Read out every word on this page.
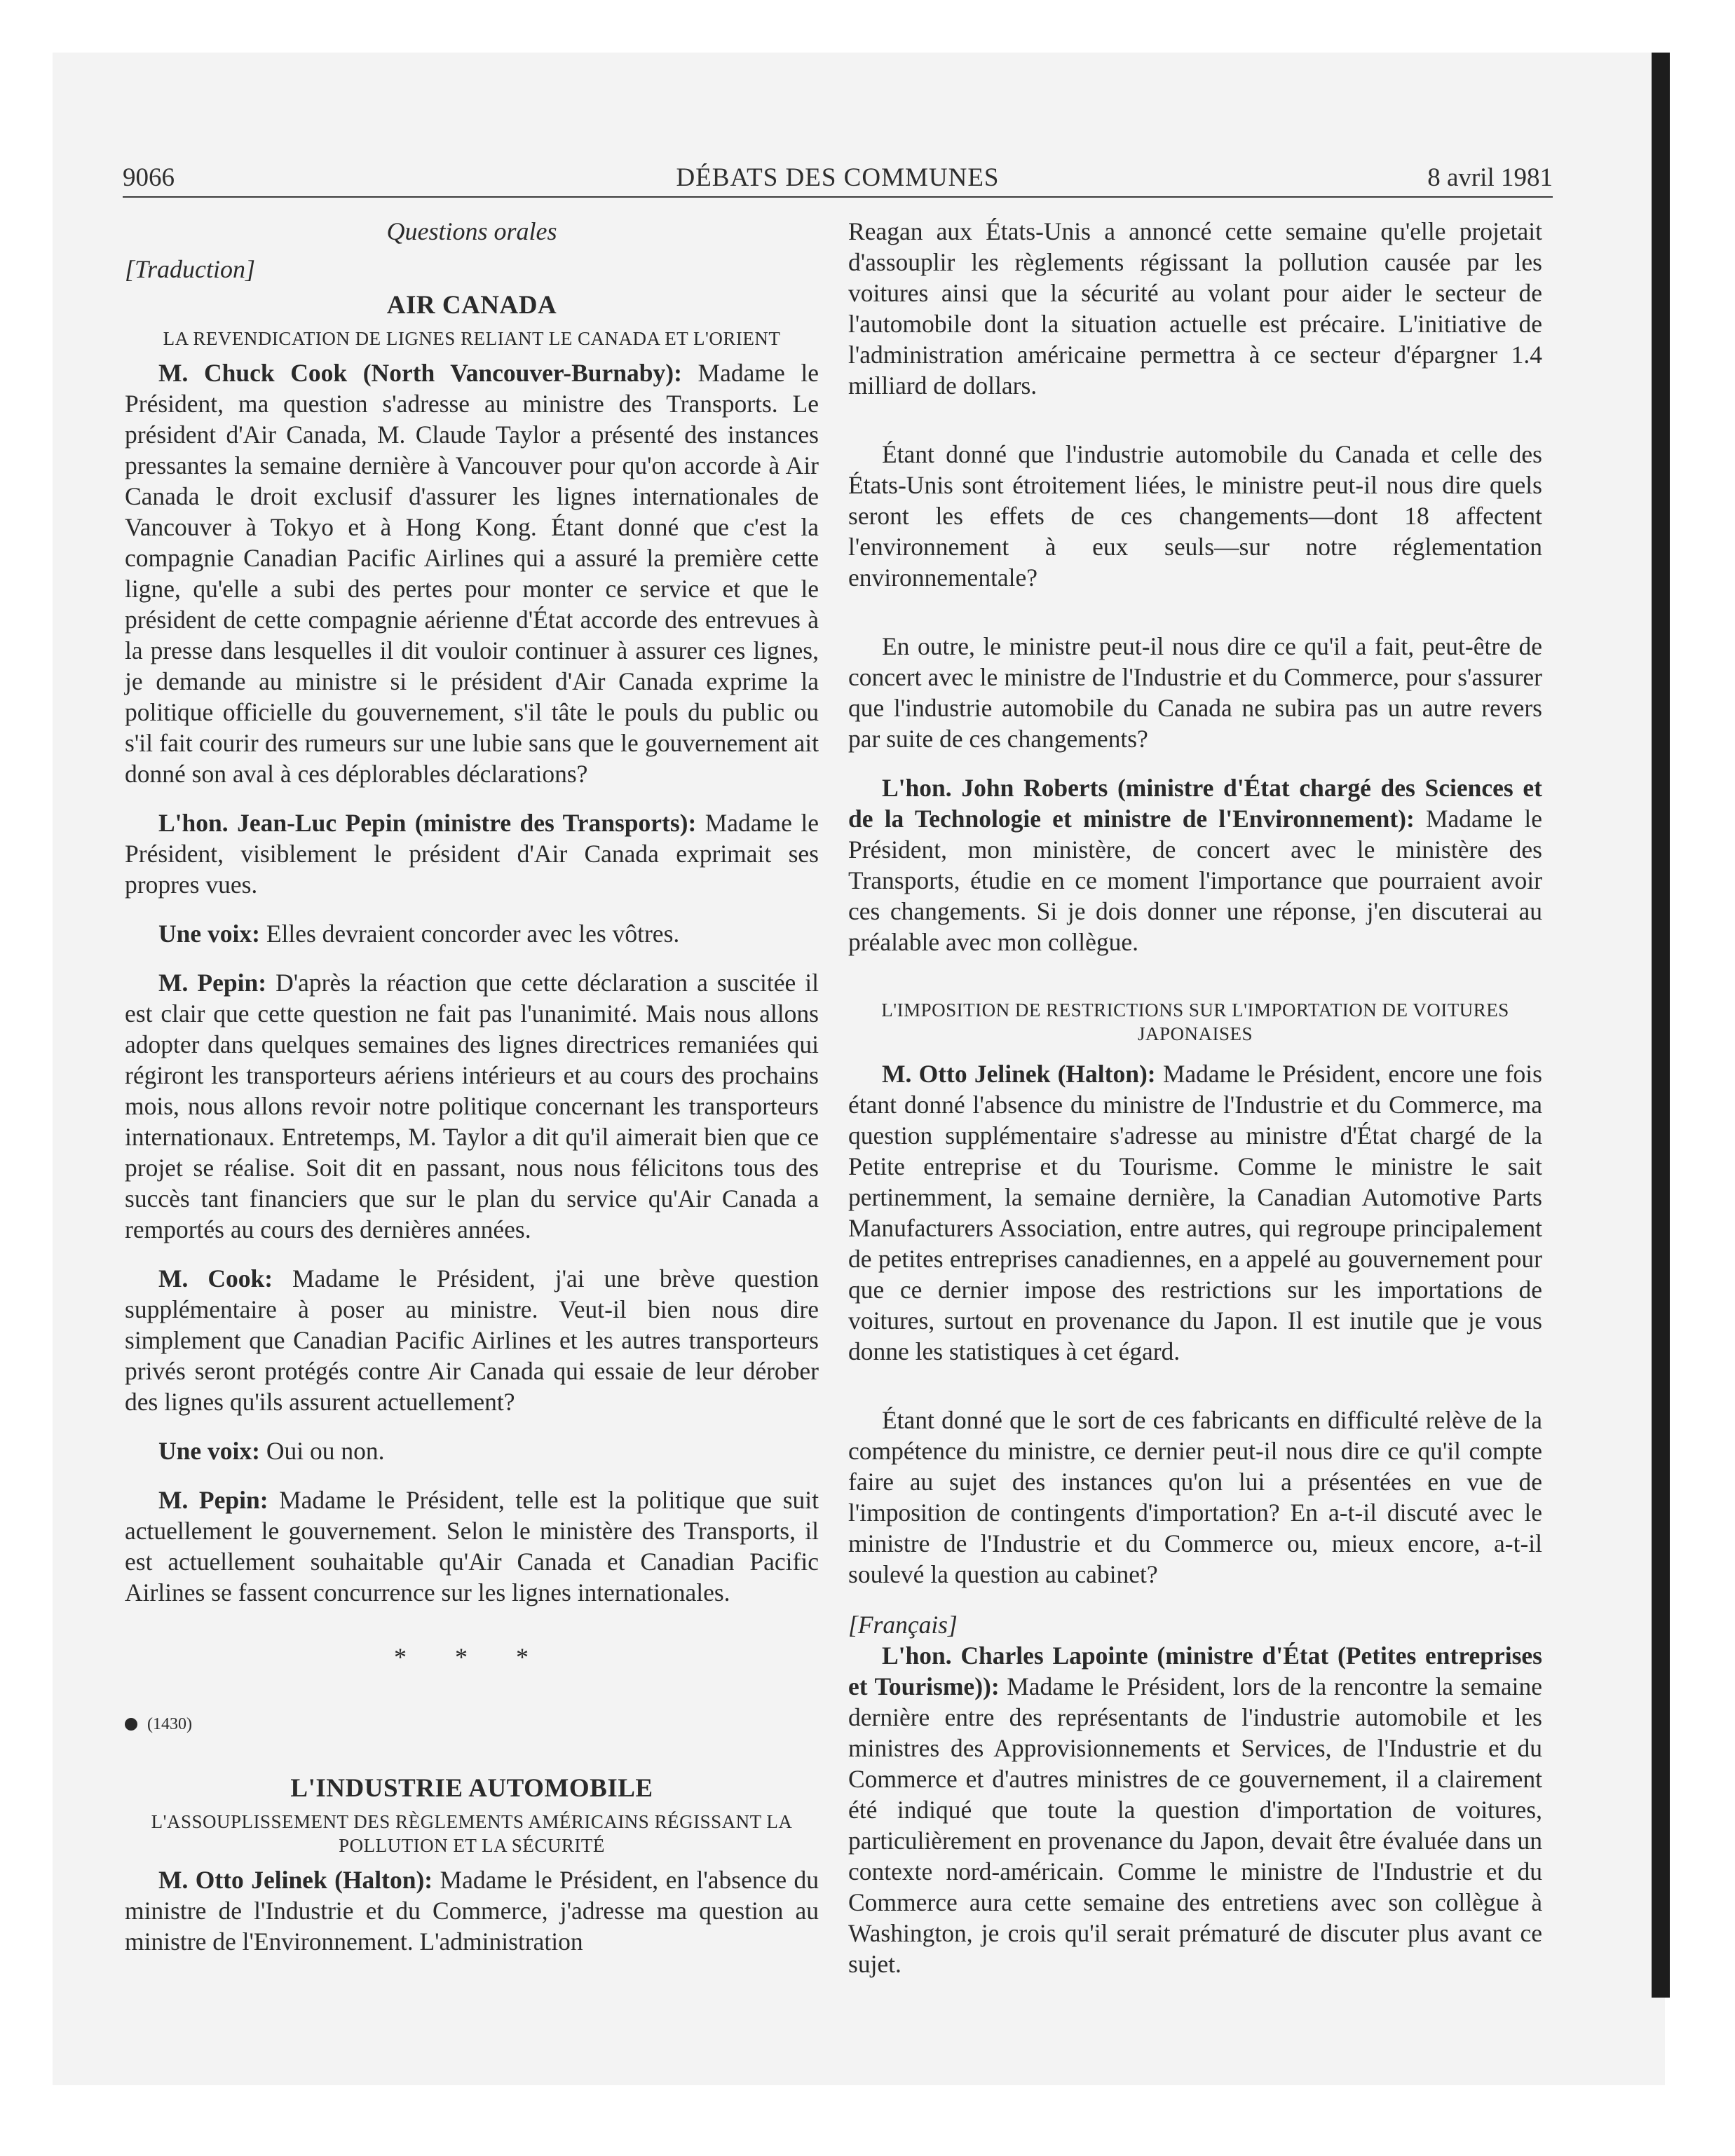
9066	DÉBATS DES COMMUNES	8 avril 1981

Questions orales

[Traduction]

AIR CANADA

LA REVENDICATION DE LIGNES RELIANT LE CANADA ET L'ORIENT

M. Chuck Cook (North Vancouver-Burnaby): Madame le Président, ma question s'adresse au ministre des Transports. Le président d'Air Canada, M. Claude Taylor a présenté des instances pressantes la semaine dernière à Vancouver pour qu'on accorde à Air Canada le droit exclusif d'assurer les lignes internationales de Vancouver à Tokyo et à Hong Kong. Étant donné que c'est la compagnie Canadian Pacific Airlines qui a assuré la première cette ligne, qu'elle a subi des pertes pour monter ce service et que le président de cette compagnie aérienne d'État accorde des entrevues à la presse dans lesquelles il dit vouloir continuer à assurer ces lignes, je demande au ministre si le président d'Air Canada exprime la politique officielle du gouvernement, s'il tâte le pouls du public ou s'il fait courir des rumeurs sur une lubie sans que le gouvernement ait donné son aval à ces déplorables déclarations?

L'hon. Jean-Luc Pepin (ministre des Transports): Madame le Président, visiblement le président d'Air Canada exprimait ses propres vues.

Une voix: Elles devraient concorder avec les vôtres.

M. Pepin: D'après la réaction que cette déclaration a suscitée il est clair que cette question ne fait pas l'unanimité. Mais nous allons adopter dans quelques semaines des lignes directrices remaniées qui régiront les transporteurs aériens intérieurs et au cours des prochains mois, nous allons revoir notre politique concernant les transporteurs internationaux. Entretemps, M. Taylor a dit qu'il aimerait bien que ce projet se réalise. Soit dit en passant, nous nous félicitons tous des succès tant financiers que sur le plan du service qu'Air Canada a remportés au cours des dernières années.

M. Cook: Madame le Président, j'ai une brève question supplémentaire à poser au ministre. Veut-il bien nous dire simplement que Canadian Pacific Airlines et les autres transporteurs privés seront protégés contre Air Canada qui essaie de leur dérober des lignes qu'ils assurent actuellement?

Une voix: Oui ou non.

M. Pepin: Madame le Président, telle est la politique que suit actuellement le gouvernement. Selon le ministère des Transports, il est actuellement souhaitable qu'Air Canada et Canadian Pacific Airlines se fassent concurrence sur les lignes internationales.

* * *

(1430)

L'INDUSTRIE AUTOMOBILE

L'ASSOUPLISSEMENT DES RÈGLEMENTS AMÉRICAINS RÉGISSANT LA POLLUTION ET LA SÉCURITÉ

M. Otto Jelinek (Halton): Madame le Président, en l'absence du ministre de l'Industrie et du Commerce, j'adresse ma question au ministre de l'Environnement. L'administration

Reagan aux États-Unis a annoncé cette semaine qu'elle projetait d'assouplir les règlements régissant la pollution causée par les voitures ainsi que la sécurité au volant pour aider le secteur de l'automobile dont la situation actuelle est précaire. L'initiative de l'administration américaine permettra à ce secteur d'épargner 1.4 milliard de dollars.

Étant donné que l'industrie automobile du Canada et celle des États-Unis sont étroitement liées, le ministre peut-il nous dire quels seront les effets de ces changements—dont 18 affectent l'environnement à eux seuls—sur notre réglementation environnementale?

En outre, le ministre peut-il nous dire ce qu'il a fait, peut-être de concert avec le ministre de l'Industrie et du Commerce, pour s'assurer que l'industrie automobile du Canada ne subira pas un autre revers par suite de ces changements?

L'hon. John Roberts (ministre d'État chargé des Sciences et de la Technologie et ministre de l'Environnement): Madame le Président, mon ministère, de concert avec le ministère des Transports, étudie en ce moment l'importance que pourraient avoir ces changements. Si je dois donner une réponse, j'en discuterai au préalable avec mon collègue.

L'IMPOSITION DE RESTRICTIONS SUR L'IMPORTATION DE VOITURES JAPONAISES

M. Otto Jelinek (Halton): Madame le Président, encore une fois étant donné l'absence du ministre de l'Industrie et du Commerce, ma question supplémentaire s'adresse au ministre d'État chargé de la Petite entreprise et du Tourisme. Comme le ministre le sait pertinemment, la semaine dernière, la Canadian Automotive Parts Manufacturers Association, entre autres, qui regroupe principalement de petites entreprises canadiennes, en a appelé au gouvernement pour que ce dernier impose des restrictions sur les importations de voitures, surtout en provenance du Japon. Il est inutile que je vous donne les statistiques à cet égard.

Étant donné que le sort de ces fabricants en difficulté relève de la compétence du ministre, ce dernier peut-il nous dire ce qu'il compte faire au sujet des instances qu'on lui a présentées en vue de l'imposition de contingents d'importation? En a-t-il discuté avec le ministre de l'Industrie et du Commerce ou, mieux encore, a-t-il soulevé la question au cabinet?

[Français]

L'hon. Charles Lapointe (ministre d'État (Petites entreprises et Tourisme)): Madame le Président, lors de la rencontre la semaine dernière entre des représentants de l'industrie automobile et les ministres des Approvisionnements et Services, de l'Industrie et du Commerce et d'autres ministres de ce gouvernement, il a clairement été indiqué que toute la question d'importation de voitures, particulièrement en provenance du Japon, devait être évaluée dans un contexte nord-américain. Comme le ministre de l'Industrie et du Commerce aura cette semaine des entretiens avec son collègue à Washington, je crois qu'il serait prématuré de discuter plus avant ce sujet.
